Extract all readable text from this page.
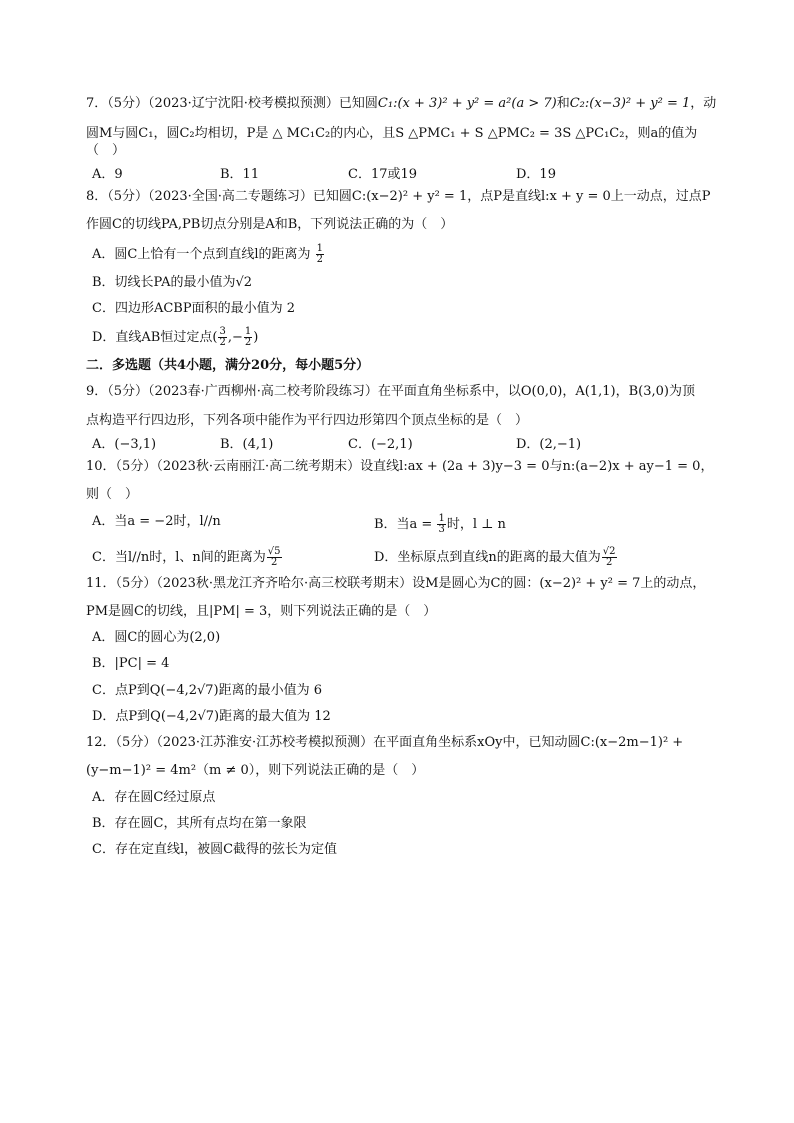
7．（5分）（2023·辽宁沈阳·校考模拟预测）已知圆C₁:(x + 3)² + y² = a²(a > 7)和C₂:(x−3)² + y² = 1，动
圆M与圆C₁，圆C₂均相切，P是 △ MC₁C₂的内心，且S △PMC₁ + S △PMC₂ = 3S △PC₁C₂，则a的值为（　）
A．9	B．11	C．17或19	D．19
8．（5分）（2023·全国·高二专题练习）已知圆C:(x−2)² + y² = 1，点P是直线l:x + y = 0上一动点，过点P
作圆C的切线PA,PB切点分别是A和B，下列说法正确的为（　）
A．圆C上恰有一个点到直线l的距离为 $\frac{1}{2}$
B．切线长PA的最小值为√2
C．四边形ACBP面积的最小值为 2
D．直线AB恒过定点( $\frac{3}{2}$ ,− $\frac{1}{2}$ )
二．多选题（共4小题，满分20分，每小题5分）
9．（5分）（2023春·广西柳州·高二校考阶段练习）在平面直角坐标系中，以O(0,0)，A(1,1)，B(3,0)为顶
点构造平行四边形，下列各项中能作为平行四边形第四个顶点坐标的是（　）
A．(−3,1)	B．(4,1)	C．(−2,1)	D．(2,−1)
10．（5分）（2023秋·云南丽江·高二统考期末）设直线l:ax + (2a + 3)y−3 = 0与n:(a−2)x + ay−1 = 0，
则（　）
A．当a = −2时，l//n	B．当$a = \frac{1}{3}$ 时，l ⊥ n
C．当l//n时，l、n间的距离为 $\frac{√5}{2}$	D．坐标原点到直线n的距离的最大值为 $\frac{√2}{2}$
11．（5分）（2023秋·黑龙江齐齐哈尔·高三校联考期末）设M是圆心为C的圆：(x−2)² + y² = 7上的动点，
PM是圆C的切线，且|PM| = 3，则下列说法正确的是（　）
A．圆C的圆心为(2,0)
B．|PC| = 4
C．点P到Q(−4,2√7)距离的最小值为 6
D．点P到Q(−4,2√7)距离的最大值为 12
12．（5分）（2023·江苏淮安·江苏校考模拟预测）在平面直角坐标系xOy中，已知动圆C:(x−2m−1)² +
(y−m−1)² = 4m²（m ≠ 0），则下列说法正确的是（　）
A．存在圆C经过原点
B．存在圆C，其所有点均在第一象限
C．存在定直线l，被圆C截得的弦长为定值
